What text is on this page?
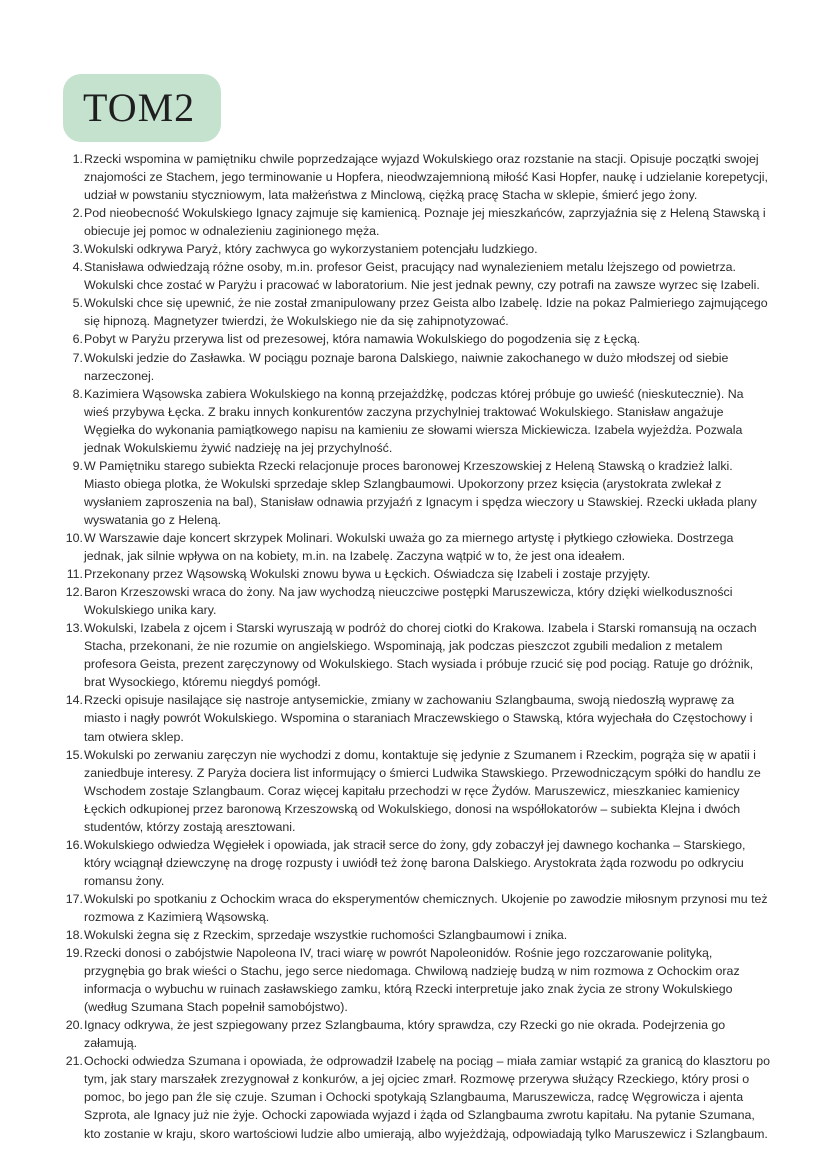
TOM2
1. Rzecki wspomina w pamiętniku chwile poprzedzające wyjazd Wokulskiego oraz rozstanie na stacji. Opisuje początki swojej znajomości ze Stachem, jego terminowanie u Hopfera, nieodwzajemnioną miłość Kasi Hopfer, naukę i udzielanie korepetycji, udział w powstaniu styczniowym, lata małżeństwa z Minclową, ciężką pracę Stacha w sklepie, śmierć jego żony.
2. Pod nieobecność Wokulskiego Ignacy zajmuje się kamienicą. Poznaje jej mieszkańców, zaprzyjaźnia się z Heleną Stawską i obiecuje jej pomoc w odnalezieniu zaginionego męża.
3. Wokulski odkrywa Paryż, który zachwyca go wykorzystaniem potencjału ludzkiego.
4. Stanisława odwiedzają różne osoby, m.in. profesor Geist, pracujący nad wynalezieniem metalu lżejszego od powietrza. Wokulski chce zostać w Paryżu i pracować w laboratorium. Nie jest jednak pewny, czy potrafi na zawsze wyrzec się Izabeli.
5. Wokulski chce się upewnić, że nie został zmanipulowany przez Geista albo Izabelę. Idzie na pokaz Palmieriego zajmującego się hipnozą. Magnetyzer twierdzi, że Wokulskiego nie da się zahipnotyzować.
6. Pobyt w Paryżu przerywa list od prezesowej, która namawia Wokulskiego do pogodzenia się z Łęcką.
7. Wokulski jedzie do Zasławka. W pociągu poznaje barona Dalskiego, naiwnie zakochanego w dużo młodszej od siebie narzeczonej.
8. Kazimiera Wąsowska zabiera Wokulskiego na konną przejażdżkę, podczas której próbuje go uwieść (nieskutecznie). Na wieś przybywa Łęcka. Z braku innych konkurentów zaczyna przychylniej traktować Wokulskiego. Stanisław angażuje Węgiełka do wykonania pamiątkowego napisu na kamieniu ze słowami wiersza Mickiewicza. Izabela wyjeżdża. Pozwala jednak Wokulskiemu żywić nadzieję na jej przychylność.
9. W Pamiętniku starego subiekta Rzecki relacjonuje proces baronowej Krzeszowskiej z Heleną Stawską o kradzież lalki. Miasto obiega plotka, że Wokulski sprzedaje sklep Szlangbaumowi. Upokorzony przez księcia (arystokrata zwlekał z wysłaniem zaproszenia na bal), Stanisław odnawia przyjaźń z Ignacym i spędza wieczory u Stawskiej. Rzecki układa plany wyswatania go z Heleną.
10. W Warszawie daje koncert skrzypek Molinari. Wokulski uważa go za miernego artystę i płytkiego człowieka. Dostrzega jednak, jak silnie wpływa on na kobiety, m.in. na Izabelę. Zaczyna wątpić w to, że jest ona ideałem.
11. Przekonany przez Wąsowską Wokulski znowu bywa u Łęckich. Oświadcza się Izabeli i zostaje przyjęty.
12. Baron Krzeszowski wraca do żony. Na jaw wychodzą nieuczciwe postępki Maruszewicza, który dzięki wielkoduszności Wokulskiego unika kary.
13. Wokulski, Izabela z ojcem i Starski wyruszają w podróż do chorej ciotki do Krakowa. Izabela i Starski romansują na oczach Stacha, przekonani, że nie rozumie on angielskiego. Wspominają, jak podczas pieszczot zgubili medalion z metalem profesora Geista, prezent zaręczynowy od Wokulskiego. Stach wysiada i próbuje rzucić się pod pociąg. Ratuje go dróżnik, brat Wysockiego, któremu niegdyś pomógł.
14. Rzecki opisuje nasilające się nastroje antysemickie, zmiany w zachowaniu Szlangbauma, swoją niedoszłą wyprawę za miasto i nagły powrót Wokulskiego. Wspomina o staraniach Mraczewskiego o Stawską, która wyjechała do Częstochowy i tam otwiera sklep.
15. Wokulski po zerwaniu zaręczyn nie wychodzi z domu, kontaktuje się jedynie z Szumanem i Rzeckim, pogrąża się w apatii i zaniedbuje interesy. Z Paryża dociera list informujący o śmierci Ludwika Stawskiego. Przewodniczącym spółki do handlu ze Wschodem zostaje Szlangbaum. Coraz więcej kapitału przechodzi w ręce Żydów. Maruszewicz, mieszkaniec kamienicy Łęckich odkupionej przez baronową Krzeszowską od Wokulskiego, donosi na współlokatorów – subiekta Klejna i dwóch studentów, którzy zostają aresztowani.
16. Wokulskiego odwiedza Węgiełek i opowiada, jak stracił serce do żony, gdy zobaczył jej dawnego kochanka – Starskiego, który wciągnął dziewczynę na drogę rozpusty i uwiódł też żonę barona Dalskiego. Arystokrata żąda rozwodu po odkryciu romansu żony.
17. Wokulski po spotkaniu z Ochockim wraca do eksperymentów chemicznych. Ukojenie po zawodzie miłosnym przynosi mu też rozmowa z Kazimierą Wąsowską.
18. Wokulski żegna się z Rzeckim, sprzedaje wszystkie ruchomości Szlangbaumowi i znika.
19. Rzecki donosi o zabójstwie Napoleona IV, traci wiarę w powrót Napoleonidów. Rośnie jego rozczarowanie polityką, przygnębia go brak wieści o Stachu, jego serce niedomaga. Chwilową nadzieję budzą w nim rozmowa z Ochockim oraz informacja o wybuchu w ruinach zasławskiego zamku, którą Rzecki interpretuje jako znak życia ze strony Wokulskiego (według Szumana Stach popełnił samobójstwo).
20. Ignacy odkrywa, że jest szpiegowany przez Szlangbauma, który sprawdza, czy Rzecki go nie okrada. Podejrzenia go załamują.
21. Ochocki odwiedza Szumana i opowiada, że odprowadził Izabelę na pociąg – miała zamiar wstąpić za granicą do klasztoru po tym, jak stary marszałek zrezygnował z konkurów, a jej ojciec zmarł. Rozmowę przerywa służący Rzeckiego, który prosi o pomoc, bo jego pan źle się czuje. Szuman i Ochocki spotykają Szlangbauma, Maruszewicza, radcę Węgrowicza i ajenta Szprota, ale Ignacy już nie żyje. Ochocki zapowiada wyjazd i żąda od Szlangbauma zwrotu kapitału. Na pytanie Szumana, kto zostanie w kraju, skoro wartościowi ludzie albo umierają, albo wyjeżdżają, odpowiadają tylko Maruszewicz i Szlangbaum.
